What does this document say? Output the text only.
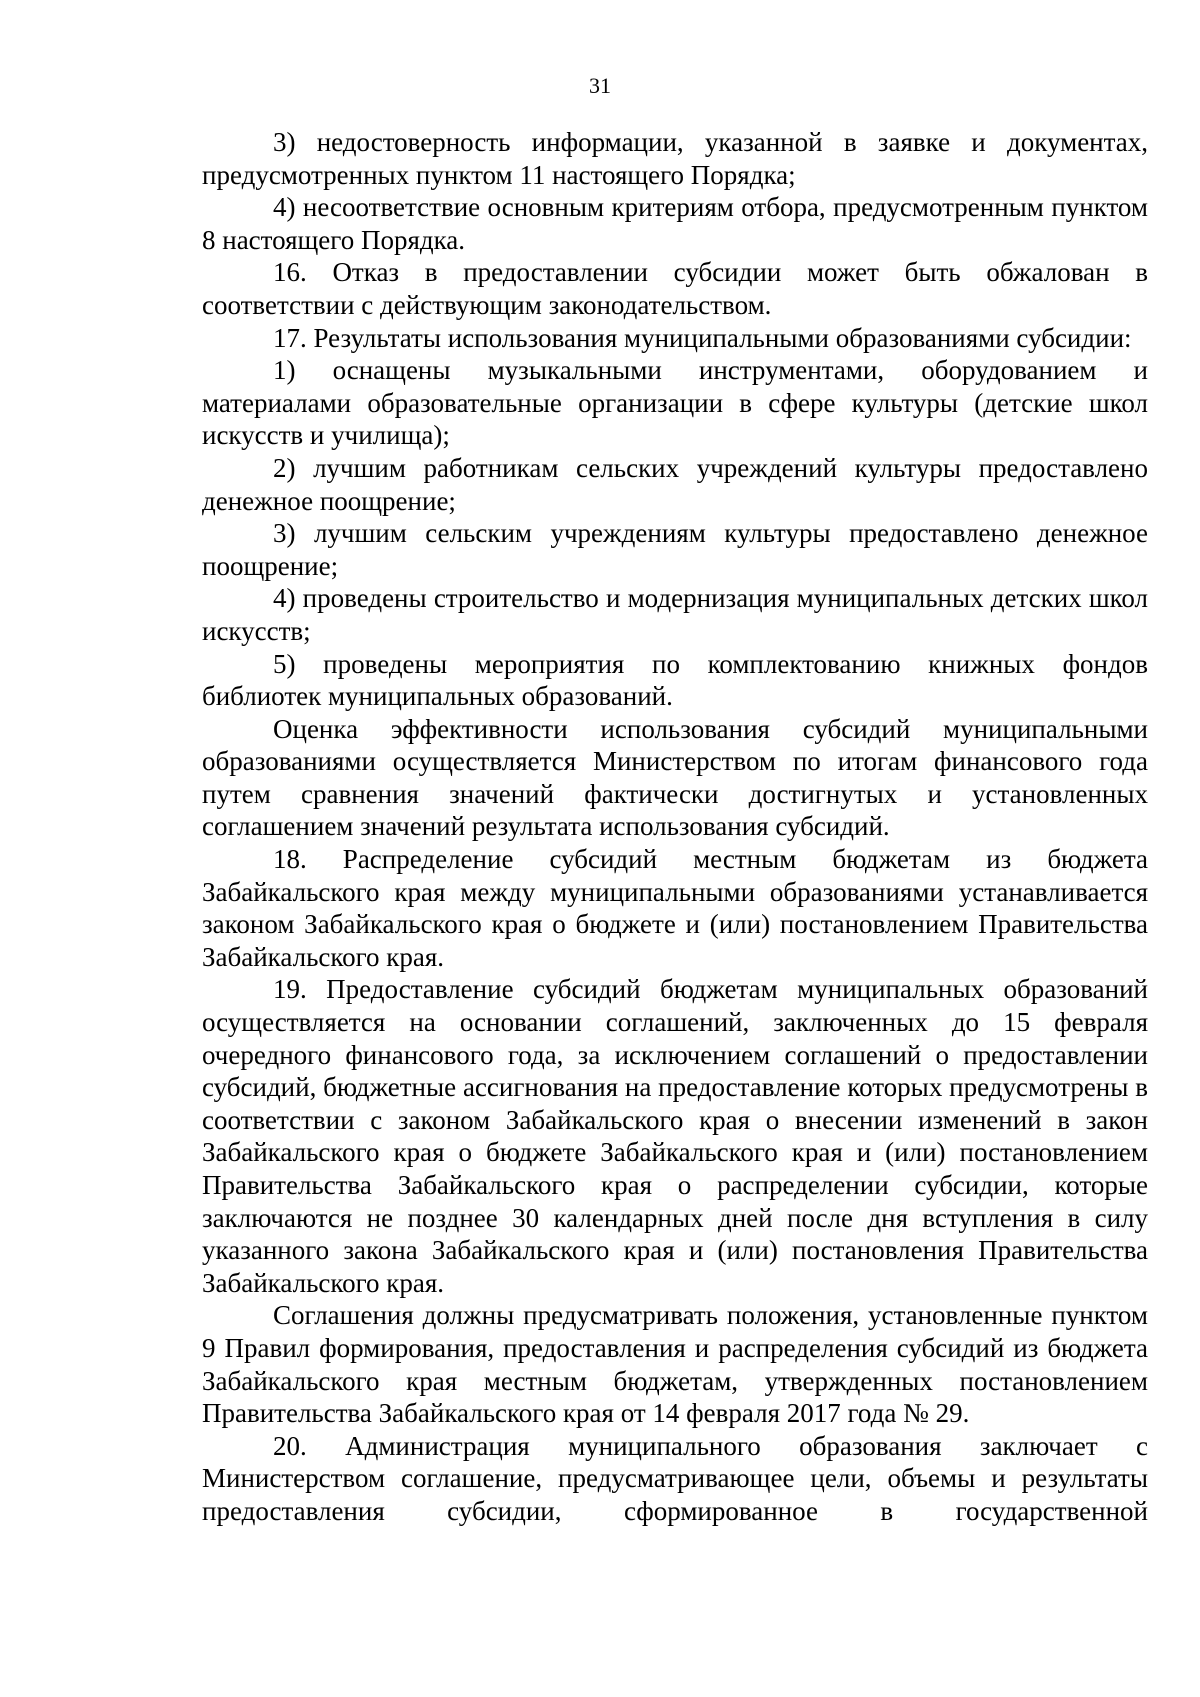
31

3) недостоверность информации, указанной в заявке и документах, предусмотренных пунктом 11 настоящего Порядка;

4) несоответствие основным критериям отбора, предусмотренным пунктом 8 настоящего Порядка.

16. Отказ в предоставлении субсидии может быть обжалован в соответствии с действующим законодательством.

17. Результаты использования муниципальными образованиями субсидии:

1) оснащены музыкальными инструментами, оборудованием и материалами образовательные организации в сфере культуры (детские школ искусств и училища);

2) лучшим работникам сельских учреждений культуры предоставлено денежное поощрение;

3) лучшим сельским учреждениям культуры предоставлено денежное поощрение;

4) проведены строительство и модернизация муниципальных детских школ искусств;

5) проведены мероприятия по комплектованию книжных фондов библиотек муниципальных образований.

Оценка эффективности использования субсидий муниципальными образованиями осуществляется Министерством по итогам финансового года путем сравнения значений фактически достигнутых и установленных соглашением значений результата использования субсидий.

18. Распределение субсидий местным бюджетам из бюджета Забайкальского края между муниципальными образованиями устанавливается законом Забайкальского края о бюджете и (или) постановлением Правительства Забайкальского края.

19. Предоставление субсидий бюджетам муниципальных образований осуществляется на основании соглашений, заключенных до 15 февраля очередного финансового года, за исключением соглашений о предоставлении субсидий, бюджетные ассигнования на предоставление которых предусмотрены в соответствии с законом Забайкальского края о внесении изменений в закон Забайкальского края о бюджете Забайкальского края и (или) постановлением Правительства Забайкальского края о распределении субсидии, которые заключаются не позднее 30 календарных дней после дня вступления в силу указанного закона Забайкальского края и (или) постановления Правительства Забайкальского края.

Соглашения должны предусматривать положения, установленные пунктом 9 Правил формирования, предоставления и распределения субсидий из бюджета Забайкальского края местным бюджетам, утвержденных постановлением Правительства Забайкальского края от 14 февраля 2017 года № 29.

20. Администрация муниципального образования заключает с Министерством соглашение, предусматривающее цели, объемы и результаты предоставления субсидии, сформированное в государственной
